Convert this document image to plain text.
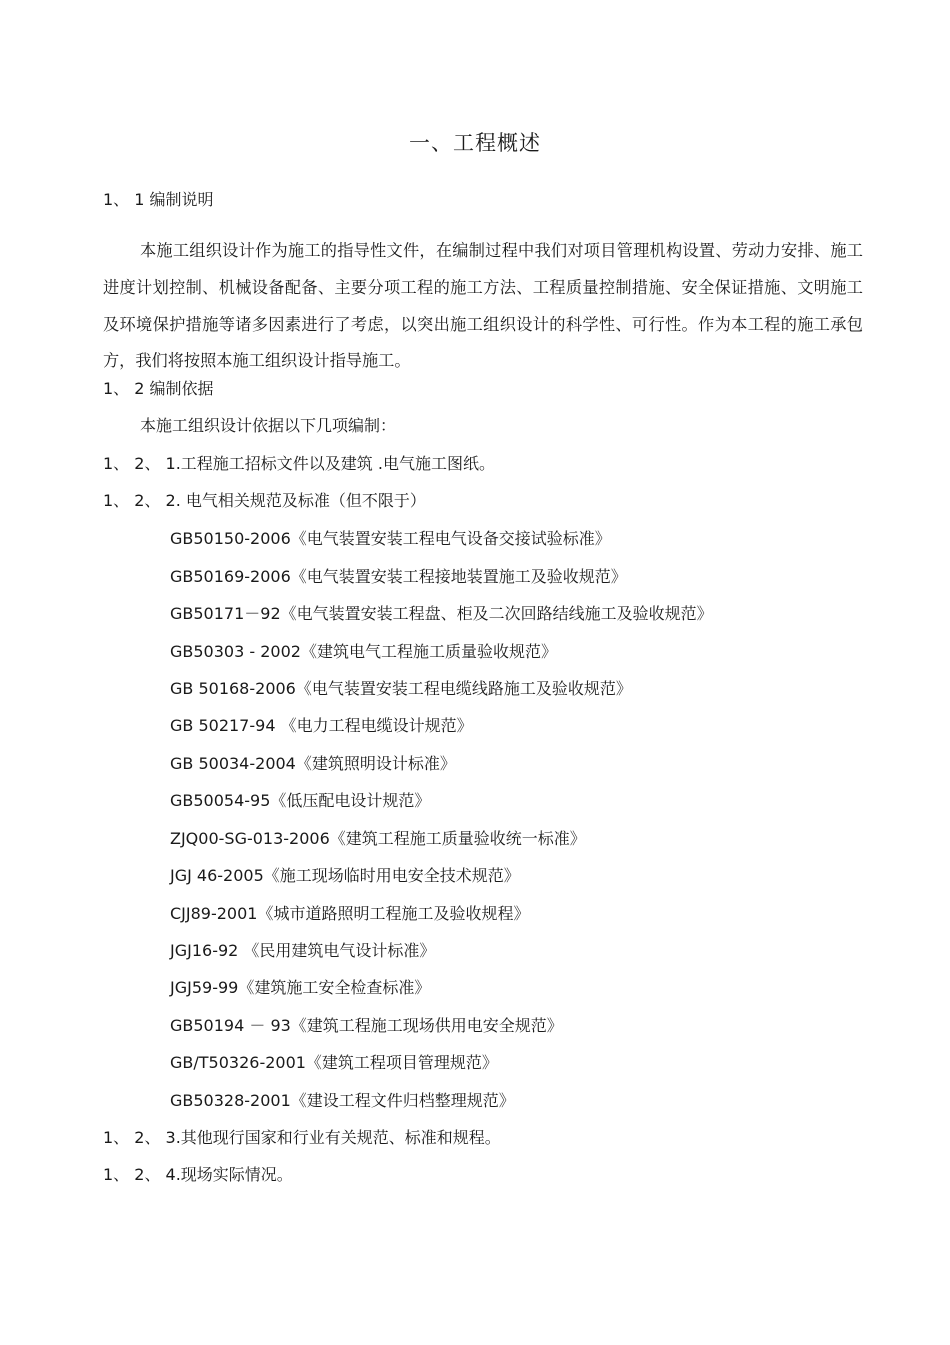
一、工程概述
1、 1 编制说明
本施工组织设计作为施工的指导性文件，在编制过程中我们对项目管理机构设置、劳动力安排、施工进度计划控制、机械设备配备、主要分项工程的施工方法、工程质量控制措施、安全保证措施、文明施工及环境保护措施等诸多因素进行了考虑，以突出施工组织设计的科学性、可行性。作为本工程的施工承包方，我们将按照本施工组织设计指导施工。
1、 2 编制依据
本施工组织设计依据以下几项编制：
1、 2、 1.工程施工招标文件以及建筑 .电气施工图纸。
1、 2、 2. 电气相关规范及标准（但不限于）
GB50150-2006《电气装置安装工程电气设备交接试验标准》
GB50169-2006《电气装置安装工程接地装置施工及验收规范》
GB50171－92《电气装置安装工程盘、柜及二次回路结线施工及验收规范》
GB50303 - 2002《建筑电气工程施工质量验收规范》
GB 50168-2006《电气装置安装工程电缆线路施工及验收规范》
GB 50217-94 《电力工程电缆设计规范》
GB 50034-2004《建筑照明设计标准》
GB50054-95《低压配电设计规范》
ZJQ00-SG-013-2006《建筑工程施工质量验收统一标准》
JGJ 46-2005《施工现场临时用电安全技术规范》
CJJ89-2001《城市道路照明工程施工及验收规程》
JGJ16-92 《民用建筑电气设计标准》
JGJ59-99《建筑施工安全检查标准》
GB50194 － 93《建筑工程施工现场供用电安全规范》
GB/T50326-2001《建筑工程项目管理规范》
GB50328-2001《建设工程文件归档整理规范》
1、 2、 3.其他现行国家和行业有关规范、标准和规程。
1、 2、 4.现场实际情况。
